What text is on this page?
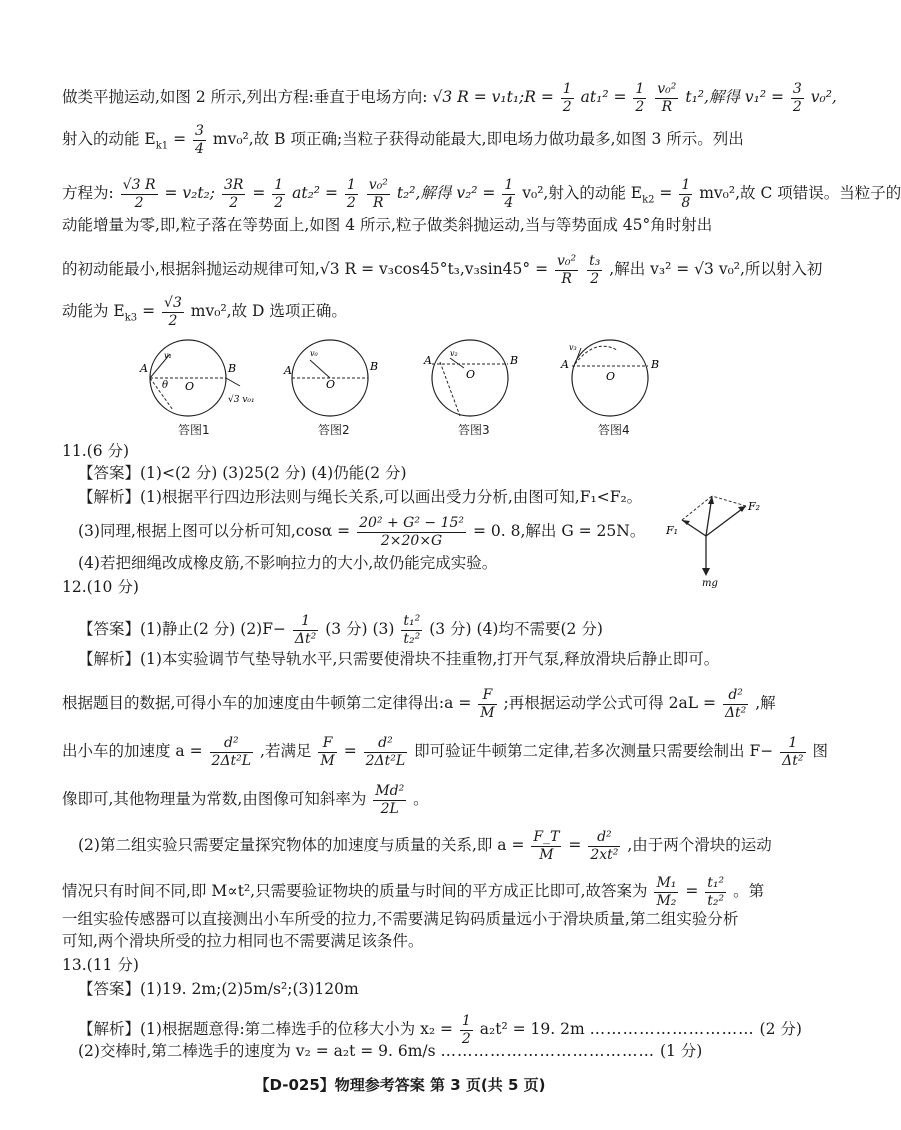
做类平抛运动,如图 2 所示,列出方程:垂直于电场方向: √3 R = v₁t₁;R = $\frac{1}{2} at_1^2 = \frac{1}{2}$
$\frac{\text{v₀²}}{R} t_1^2$,解得 $v_1^2 = \frac{3}{2} v_0^2$,
射入的动能 $E_{k1} = \frac{3}{4} mv_0^2$,故 B 项正确;当粒子获得动能最大,即电场力做功最多,如图 3 所示。列出
方程为: $\frac{√3 R}{2} = v_2t_2$; $\frac{3R}{2} = \frac{1}{2} at_2^2 = \frac{1}{2}$
$\frac{\text{v₀²}}{R} t_2^2$,解得 $v_2^2 = \frac{1}{4} v_0^2$,射入的动能 $E_{k2} = \frac{1}{8} mv_0^2$,故 C 项错误。当粒子的
动能增量为零,即,粒子落在等势面上,如图 4 所示,粒子做类斜抛运动,当与等势面成 45°角时射出
的初动能最小,根据斜抛运动规律可知,√3 $R = v_3\cos 45^\circ t_3,v_3\sin 45^\circ = \frac{\text{v₀²}}{R}$
$\frac{\text{t₃}}{2}$ ,解出 v₃² = √3 v₀²,所以射入初
动能为 $E_{k3} = \frac{√3}{2} mv_0^2$,故 D 选项正确。
A	B
O
θ
v₁
√3 v₀₁
答图1
A	B
O
v₀
答图2
A	B
O
v₂
答图3
A	B
O
v₃
答图4
11.(6 分)
【答案】(1)<(2 分) (3)25(2 分) (4)仍能(2 分)
【解析】(1)根据平行四边形法则与绳长关系,可以画出受力分析,由图可知,F₁<F₂。
(3)同理,根据上图可以分析可知$,\cos\alpha = \frac{\text{20² + G² − 15²}}{2\times 20\times G} = 0$. 8,解出 G = 25N。
(4)若把细绳改成橡皮筋,不影响拉力的大小,故仍能完成实验。
F₁
F₂
mg
12.(10 分)
【答案】(1)静止(2 分) $(2)F- \frac{1}{\text{Δt²}} (3$ 分) $(3) \frac{\text{t₁²}}{\text{t₂²}} (3$ 分) (4)均不需要(2 分)
【解析】(1)本实验调节气垫导轨水平,只需要使滑块不挂重物,打开气泵,释放滑块后静止即可。
根据题目的数据,可得小车的加速度由牛顿第二定律得出:a = $\frac{F}{M}$ ;再根据运动学公式可得 $2aL = \frac{\text{d²}}{\text{Δt²}}$ ,解
出小车的加速度 $a = \frac{\text{d²}}{\text{2Δt²L}}$ ,若满足 $\frac{F}{M} = \frac{\text{d²}}{\text{2Δt²L}}$ 即可验证牛顿第二定律,若多次测量只需要绘制出 $F- \frac{1}{\text{Δt²}}$ 图
像即可,其他物理量为常数,由图像可知斜率为 $\frac{\text{Md²}}{2L}$ 。
(2)第二组实验只需要定量探究物体的加速度与质量的关系,即 $a = \frac{F\_T}{M} = \frac{\text{d²}}{\text{2xt²}}$ ,由于两个滑块的运动
情况只有时间不同,即 M∝t²,只需要验证物块的质量与时间的平方成正比即可,故答案为 $\frac{\text{M₁}}{\text{M₂}} = \frac{\text{t₁²}}{\text{t₂²}}$ 。第
一组实验传感器可以直接测出小车所受的拉力,不需要满足钩码质量远小于滑块质量,第二组实验分析
可知,两个滑块所受的拉力相同也不需要满足该条件。
13.(11 分)
【答案】(1)19. 2m;(2)5m/s²;(3)120m
【解析】(1)根据题意得:第二棒选手的位移大小为 $x_2 = \frac{1}{2} a_2t^2 = 19$. 2m ………………………… (2 分)
(2)交棒时,第二棒选手的速度为 v₂ = a₂t = 9. 6m/s ………………………………… (1 分)
【D-025】物理参考答案 第 3 页(共 5 页)
